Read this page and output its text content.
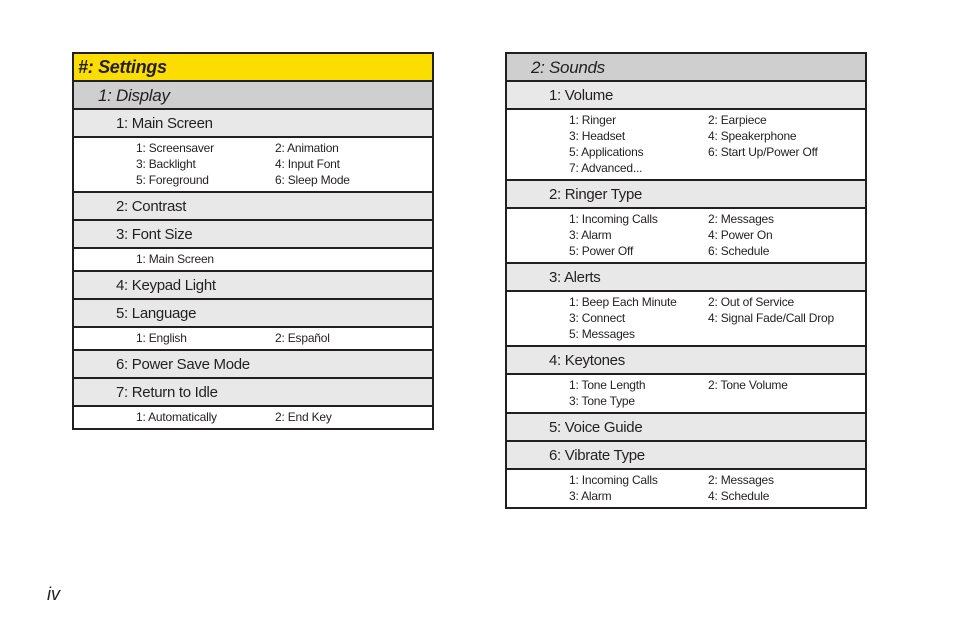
#: Settings
1: Display
1: Main Screen
1: Screensaver	2: Animation
3: Backlight	4: Input Font
5: Foreground	6: Sleep Mode
2: Contrast
3: Font Size
1: Main Screen
4: Keypad Light
5: Language
1: English	2: Español
6: Power Save Mode
7: Return to Idle
1: Automatically	2: End Key
2: Sounds
1: Volume
1: Ringer	2: Earpiece
3: Headset	4: Speakerphone
5: Applications	6: Start Up/Power Off
7: Advanced...
2: Ringer Type
1: Incoming Calls	2: Messages
3: Alarm	4: Power On
5: Power Off	6: Schedule
3: Alerts
1: Beep Each Minute	2: Out of Service
3: Connect	4: Signal Fade/Call Drop
5: Messages
4: Keytones
1: Tone Length	2: Tone Volume
3: Tone Type
5: Voice Guide
6: Vibrate Type
1: Incoming Calls	2: Messages
3: Alarm	4: Schedule
iv
